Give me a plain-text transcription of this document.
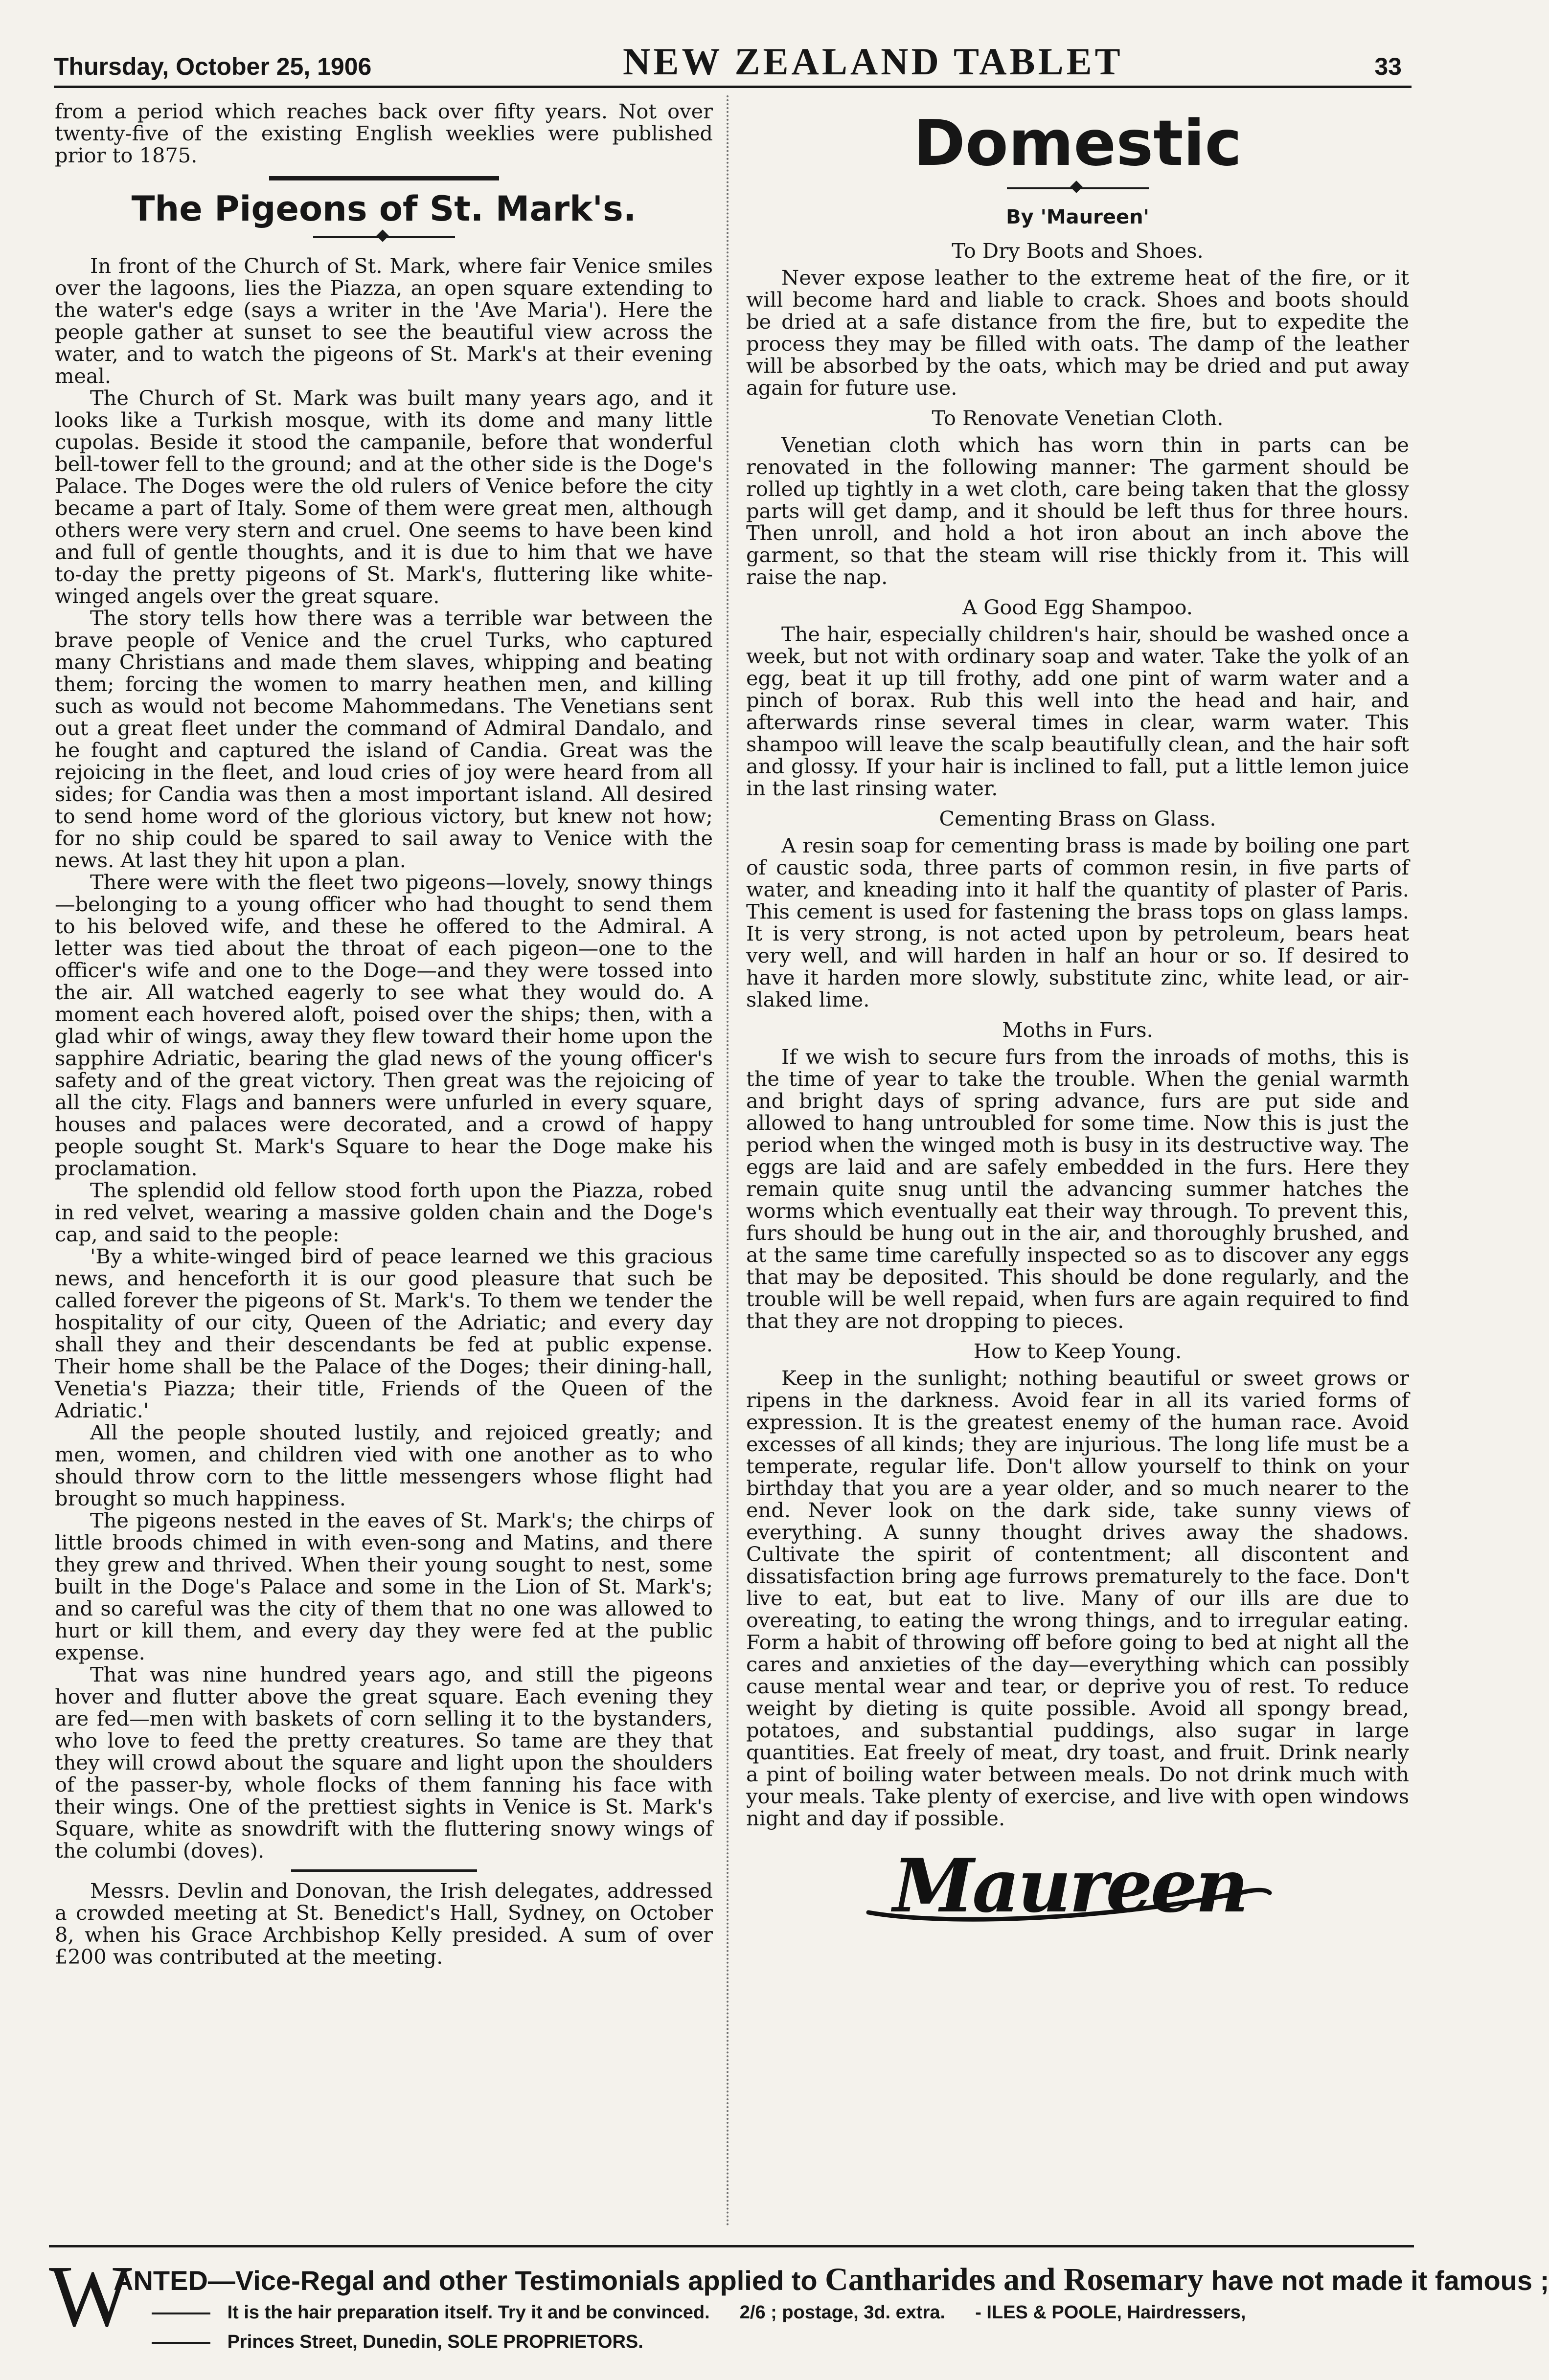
Thursday, October 25, 1906	NEW ZEALAND TABLET	33

from a period which reaches back over fifty years. Not over twenty-five of the existing English weeklies were published prior to 1875.

The Pigeons of St. Mark's.

In front of the Church of St. Mark, where fair Venice smiles over the lagoons, lies the Piazza, an open square extending to the water's edge (says a writer in the 'Ave Maria'). Here the people gather at sunset to see the beautiful view across the water, and to watch the pigeons of St. Mark's at their evening meal.

The Church of St. Mark was built many years ago, and it looks like a Turkish mosque, with its dome and many little cupolas. Beside it stood the campanile, before that wonderful bell-tower fell to the ground; and at the other side is the Doge's Palace. The Doges were the old rulers of Venice before the city became a part of Italy. Some of them were great men, although others were very stern and cruel. One seems to have been kind and full of gentle thoughts, and it is due to him that we have to-day the pretty pigeons of St. Mark's, fluttering like white-winged angels over the great square.

The story tells how there was a terrible war between the brave people of Venice and the cruel Turks, who captured many Christians and made them slaves, whipping and beating them; forcing the women to marry heathen men, and killing such as would not become Mahommedans. The Venetians sent out a great fleet under the command of Admiral Dandalo, and he fought and captured the island of Candia. Great was the rejoicing in the fleet, and loud cries of joy were heard from all sides; for Candia was then a most important island. All desired to send home word of the glorious victory, but knew not how; for no ship could be spared to sail away to Venice with the news. At last they hit upon a plan.

There were with the fleet two pigeons—lovely, snowy things—belonging to a young officer who had thought to send them to his beloved wife, and these he offered to the Admiral. A letter was tied about the throat of each pigeon—one to the officer's wife and one to the Doge—and they were tossed into the air. All watched eagerly to see what they would do. A moment each hovered aloft, poised over the ships; then, with a glad whir of wings, away they flew toward their home upon the sapphire Adriatic, bearing the glad news of the young officer's safety and of the great victory. Then great was the rejoicing of all the city. Flags and banners were unfurled in every square, houses and palaces were decorated, and a crowd of happy people sought St. Mark's Square to hear the Doge make his proclamation.

The splendid old fellow stood forth upon the Piazza, robed in red velvet, wearing a massive golden chain and the Doge's cap, and said to the people:

'By a white-winged bird of peace learned we this gracious news, and henceforth it is our good pleasure that such be called forever the pigeons of St. Mark's. To them we tender the hospitality of our city, Queen of the Adriatic; and every day shall they and their descendants be fed at public expense. Their home shall be the Palace of the Doges; their dining-hall, Venetia's Piazza; their title, Friends of the Queen of the Adriatic.'

All the people shouted lustily, and rejoiced greatly; and men, women, and children vied with one another as to who should throw corn to the little messengers whose flight had brought so much happiness.

The pigeons nested in the eaves of St. Mark's; the chirps of little broods chimed in with even-song and Matins, and there they grew and thrived. When their young sought to nest, some built in the Doge's Palace and some in the Lion of St. Mark's; and so careful was the city of them that no one was allowed to hurt or kill them, and every day they were fed at the public expense.

That was nine hundred years ago, and still the pigeons hover and flutter above the great square. Each evening they are fed—men with baskets of corn selling it to the bystanders, who love to feed the pretty creatures. So tame are they that they will crowd about the square and light upon the shoulders of the passer-by, whole flocks of them fanning his face with their wings. One of the prettiest sights in Venice is St. Mark's Square, white as snowdrift with the fluttering snowy wings of the columbi (doves).

Messrs. Devlin and Donovan, the Irish delegates, addressed a crowded meeting at St. Benedict's Hall, Sydney, on October 8, when his Grace Archbishop Kelly presided. A sum of over £200 was contributed at the meeting.

Domestic
By 'Maureen'
To Dry Boots and Shoes.

Never expose leather to the extreme heat of the fire, or it will become hard and liable to crack. Shoes and boots should be dried at a safe distance from the fire, but to expedite the process they may be filled with oats. The damp of the leather will be absorbed by the oats, which may be dried and put away again for future use.

To Renovate Venetian Cloth.

Venetian cloth which has worn thin in parts can be renovated in the following manner: The garment should be rolled up tightly in a wet cloth, care being taken that the glossy parts will get damp, and it should be left thus for three hours. Then unroll, and hold a hot iron about an inch above the garment, so that the steam will rise thickly from it. This will raise the nap.

A Good Egg Shampoo.

The hair, especially children's hair, should be washed once a week, but not with ordinary soap and water. Take the yolk of an egg, beat it up till frothy, add one pint of warm water and a pinch of borax. Rub this well into the head and hair, and afterwards rinse several times in clear, warm water. This shampoo will leave the scalp beautifully clean, and the hair soft and glossy. If your hair is inclined to fall, put a little lemon juice in the last rinsing water.

Cementing Brass on Glass.

A resin soap for cementing brass is made by boiling one part of caustic soda, three parts of common resin, in five parts of water, and kneading into it half the quantity of plaster of Paris. This cement is used for fastening the brass tops on glass lamps. It is very strong, is not acted upon by petroleum, bears heat very well, and will harden in half an hour or so. If desired to have it harden more slowly, substitute zinc, white lead, or air-slaked lime.

Moths in Furs.

If we wish to secure furs from the inroads of moths, this is the time of year to take the trouble. When the genial warmth and bright days of spring advance, furs are put side and allowed to hang untroubled for some time. Now this is just the period when the winged moth is busy in its destructive way. The eggs are laid and are safely embedded in the furs. Here they remain quite snug until the advancing summer hatches the worms which eventually eat their way through. To prevent this, furs should be hung out in the air, and thoroughly brushed, and at the same time carefully inspected so as to discover any eggs that may be deposited. This should be done regularly, and the trouble will be well repaid, when furs are again required to find that they are not dropping to pieces.

How to Keep Young.

Keep in the sunlight; nothing beautiful or sweet grows or ripens in the darkness. Avoid fear in all its varied forms of expression. It is the greatest enemy of the human race. Avoid excesses of all kinds; they are injurious. The long life must be a temperate, regular life. Don't allow yourself to think on your birthday that you are a year older, and so much nearer to the end. Never look on the dark side, take sunny views of everything. A sunny thought drives away the shadows. Cultivate the spirit of contentment; all discontent and dissatisfaction bring age furrows prematurely to the face. Don't live to eat, but eat to live. Many of our ills are due to overeating, to eating the wrong things, and to irregular eating. Form a habit of throwing off before going to bed at night all the cares and anxieties of the day—everything which can possibly cause mental wear and tear, or deprive you of rest. To reduce weight by dieting is quite possible. Avoid all spongy bread, potatoes, and substantial puddings, also sugar in large quantities. Eat freely of meat, dry toast, and fruit. Drink nearly a pint of boiling water between meals. Do not drink much with your meals. Take plenty of exercise, and live with open windows night and day if possible.

Maureen
W
ANTED—Vice-Regal and other Testimonials applied to Cantharides and Rosemary have not made it famous ;
It is the hair preparation itself. Try it and be convinced. 2/6 ; postage, 3d. extra. - ILES & POOLE, Hairdressers,
Princes Street, Dunedin, SOLE PROPRIETORS.
